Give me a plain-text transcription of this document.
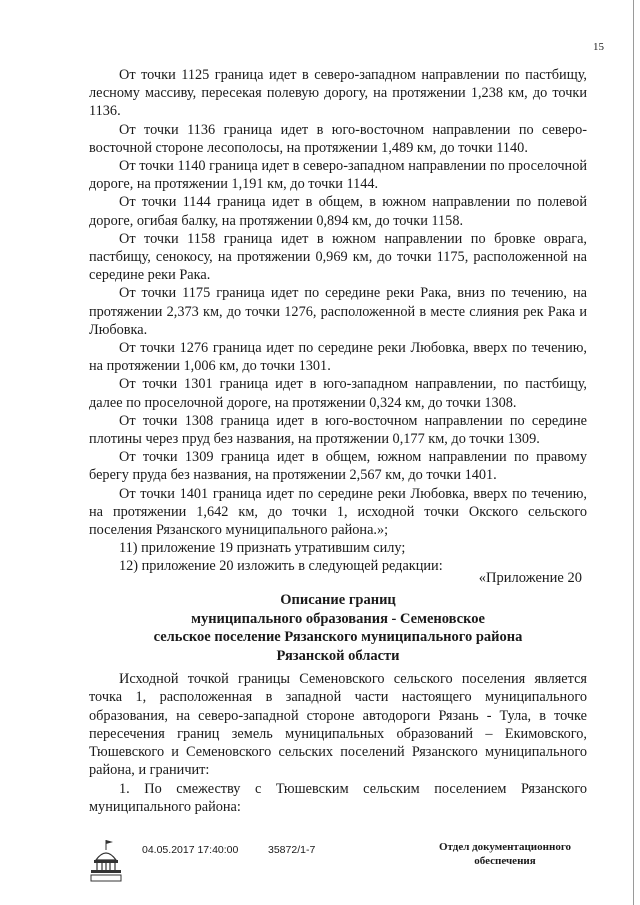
15

От точки 1125 граница идет в северо-западном направлении по пастбищу, лесному массиву, пересекая полевую дорогу, на протяжении 1,238 км, до точки 1136.

От точки 1136 граница идет в юго-восточном направлении по северо-восточной стороне лесополосы, на протяжении 1,489 км, до точки 1140.

От точки 1140 граница идет в северо-западном направлении по проселочной дороге, на протяжении 1,191 км, до точки 1144.

От точки 1144 граница идет в общем, в южном направлении по полевой дороге, огибая балку, на протяжении 0,894 км, до точки 1158.

От точки 1158 граница идет в южном направлении по бровке оврага, пастбищу, сенокосу, на протяжении 0,969 км, до точки 1175, расположенной на середине реки Рака.

От точки 1175 граница идет по середине реки Рака, вниз по течению, на протяжении 2,373 км, до точки 1276, расположенной в месте слияния рек Рака и Любовка.

От точки 1276 граница идет по середине реки Любовка, вверх по течению, на протяжении 1,006 км, до точки 1301.

От точки 1301 граница идет в юго-западном направлении, по пастбищу, далее по проселочной дороге, на протяжении 0,324 км, до точки 1308.

От точки 1308 граница идет в юго-восточном направлении по середине плотины через пруд без названия, на протяжении 0,177 км, до точки 1309.

От точки 1309 граница идет в общем, южном направлении по правому берегу пруда без названия, на протяжении 2,567 км, до точки 1401.

От точки 1401 граница идет по середине реки Любовка, вверх по течению, на протяжении 1,642 км, до точки 1, исходной точки Окского сельского поселения Рязанского муниципального района.»;

11) приложение 19 признать утратившим силу;

12) приложение 20 изложить в следующей редакции:

«Приложение 20
Описание границ
муниципального образования - Семеновское
сельское поселение Рязанского муниципального района
Рязанской области

Исходной точкой границы Семеновского сельского поселения является точка 1, расположенная в западной части настоящего муниципального образования, на северо-западной стороне автодороги Рязань - Тула, в точке пересечения границ земель муниципальных образований – Екимовского, Тюшевского и Семеновского сельских поселений Рязанского муниципального района, и граничит:

1. По смежеству с Тюшевским сельским поселением Рязанского муниципального района:

04.05.2017 17:40:00	35872/1-7	Отдел документационного
обеспечения
